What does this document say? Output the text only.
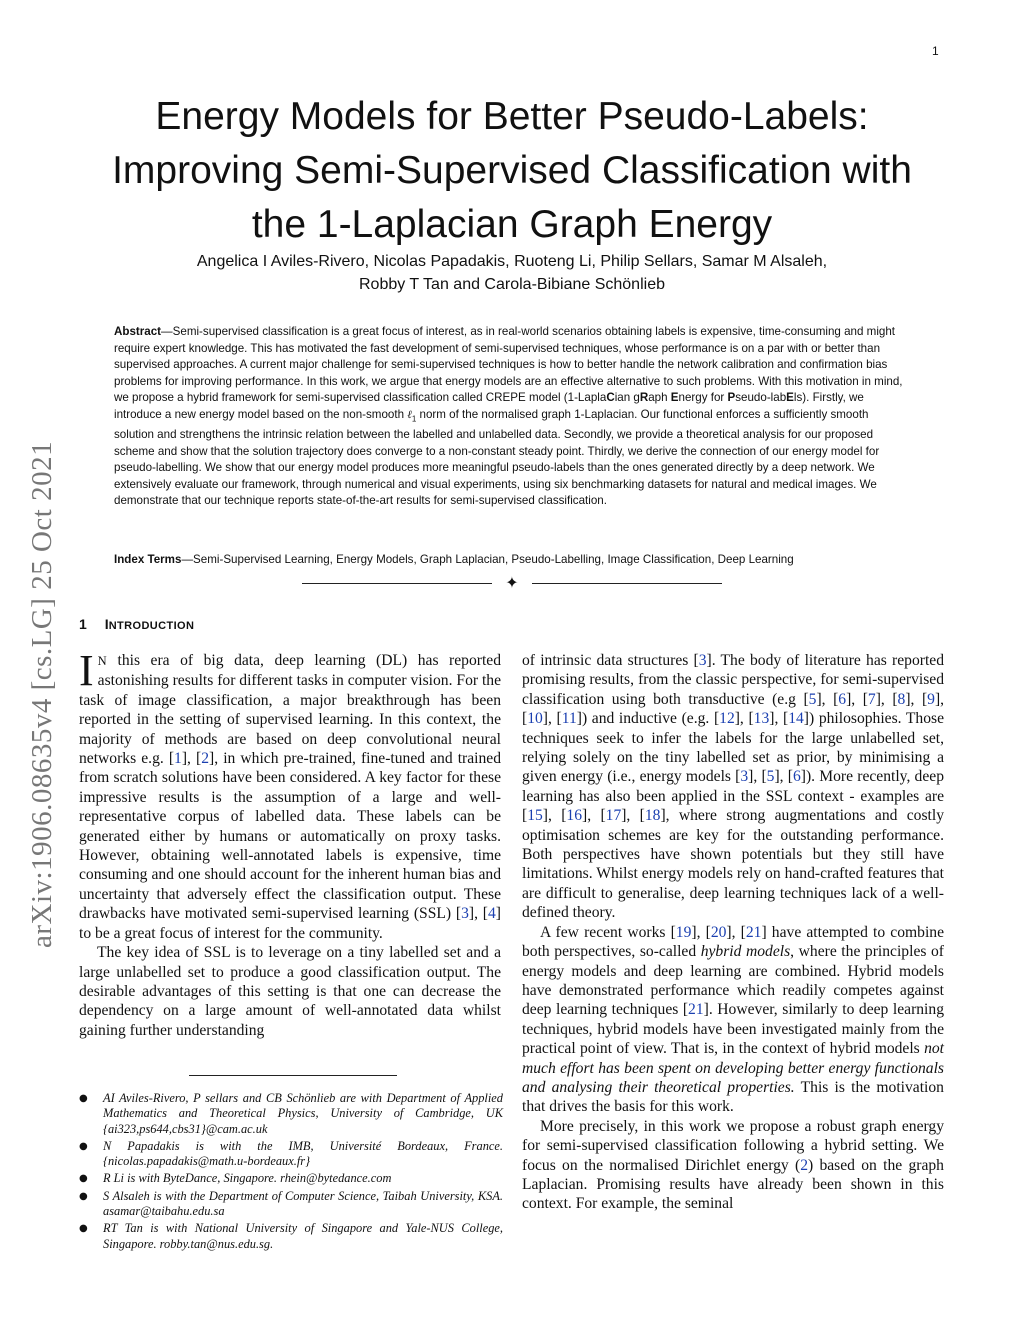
1
arXiv:1906.08635v4 [cs.LG] 25 Oct 2021
Energy Models for Better Pseudo-Labels:
Improving Semi-Supervised Classification with
the 1-Laplacian Graph Energy
Angelica I Aviles-Rivero, Nicolas Papadakis, Ruoteng Li, Philip Sellars, Samar M Alsaleh,
Robby T Tan and Carola-Bibiane Schönlieb
Abstract—Semi-supervised classification is a great focus of interest, as in real-world scenarios obtaining labels is expensive, time-consuming and might require expert knowledge. This has motivated the fast development of semi-supervised techniques, whose performance is on a par with or better than supervised approaches. A current major challenge for semi-supervised techniques is how to better handle the network calibration and confirmation bias problems for improving performance. In this work, we argue that energy models are an effective alternative to such problems. With this motivation in mind, we propose a hybrid framework for semi-supervised classification called CREPE model (1-LaplaCian gRaph Energy for Pseudo-labEls). Firstly, we introduce a new energy model based on the non-smooth ℓ$_1$ norm of the normalised graph 1-Laplacian. Our functional enforces a sufficiently smooth solution and strengthens the intrinsic relation between the labelled and unlabelled data. Secondly, we provide a theoretical analysis for our proposed scheme and show that the solution trajectory does converge to a non-constant steady point. Thirdly, we derive the connection of our energy model for pseudo-labelling. We show that our energy model produces more meaningful pseudo-labels than the ones generated directly by a deep network. We extensively evaluate our framework, through numerical and visual experiments, using six benchmarking datasets for natural and medical images. We demonstrate that our technique reports state-of-the-art results for semi-supervised classification.
Index Terms—Semi-Supervised Learning, Energy Models, Graph Laplacian, Pseudo-Labelling, Image Classification, Deep Learning
✦
1 INTRODUCTION

I N this era of big data, deep learning (DL) has reported astonishing results for different tasks in computer vision. For the task of image classification, a major breakthrough has been reported in the setting of supervised learning. In this context, the majority of methods are based on deep convolutional neural networks e.g. [1], [2], in which pre-trained, fine-tuned and trained from scratch solutions have been considered. A key factor for these impressive results is the assumption of a large and well-representative corpus of labelled data. These labels can be generated either by humans or automatically on proxy tasks. However, obtaining well-annotated labels is expensive, time consuming and one should account for the inherent human bias and uncertainty that adversely effect the classification output. These drawbacks have motivated semi-supervised learning (SSL) [3], [4] to be a great focus of interest for the community.

The key idea of SSL is to leverage on a tiny labelled set and a large unlabelled set to produce a good classification output. The desirable advantages of this setting is that one can decrease the dependency on a large amount of well-annotated data whilst gaining further understanding

● AI Aviles-Rivero, P sellars and CB Schönlieb are with Department of Applied Mathematics and Theoretical Physics, University of Cambridge, UK {ai323,ps644,cbs31}@cam.ac.uk
● N Papadakis is with the IMB, Université Bordeaux, France. {nicolas.papadakis@math.u-bordeaux.fr}
● R Li is with ByteDance, Singapore. rhein@bytedance.com
● S Alsaleh is with the Department of Computer Science, Taibah University, KSA. asamar@taibahu.edu.sa
● RT Tan is with National University of Singapore and Yale-NUS College, Singapore. robby.tan@nus.edu.sg.

of intrinsic data structures [3]. The body of literature has reported promising results, from the classic perspective, for semi-supervised classification using both transductive (e.g [5], [6], [7], [8], [9], [10], [11]) and inductive (e.g. [12], [13], [14]) philosophies. Those techniques seek to infer the labels for the large unlabelled set, relying solely on the tiny labelled set as prior, by minimising a given energy (i.e., energy models [3], [5], [6]). More recently, deep learning has also been applied in the SSL context - examples are [15], [16], [17], [18], where strong augmentations and costly optimisation schemes are key for the outstanding performance. Both perspectives have shown potentials but they still have limitations. Whilst energy models rely on hand-crafted features that are difficult to generalise, deep learning techniques lack of a well-defined theory.

A few recent works [19], [20], [21] have attempted to combine both perspectives, so-called hybrid models, where the principles of energy models and deep learning are combined. Hybrid models have demonstrated performance which readily competes against deep learning techniques [21]. However, similarly to deep learning techniques, hybrid models have been investigated mainly from the practical point of view. That is, in the context of hybrid models not much effort has been spent on developing better energy functionals and analysing their theoretical properties. This is the motivation that drives the basis for this work.

More precisely, in this work we propose a robust graph energy for semi-supervised classification following a hybrid setting. We focus on the normalised Dirichlet energy (2) based on the graph Laplacian. Promising results have already been shown in this context. For example, the seminal
